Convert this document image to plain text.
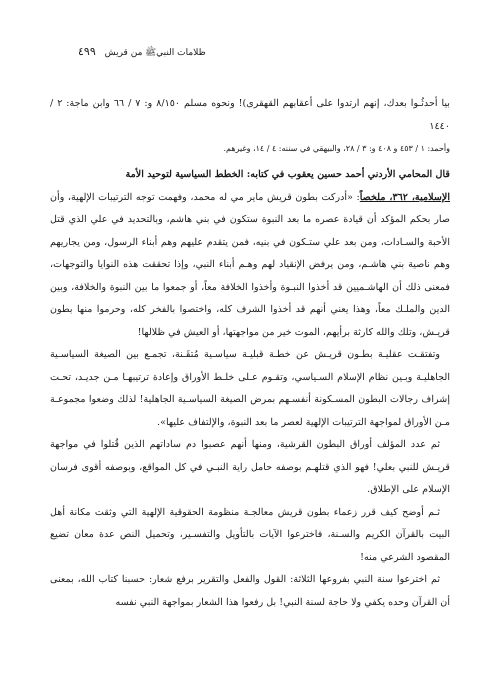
ظلامات النبيﷺ من قريش ٤٩٩

بيا أحدثُـوا بعدك، إنهم ارتدوا على أعقابهم القهقرى)! ونحوه مسلم ٨/١٥٠ و: ٧ / ٦٦ وابن ماجة: ٢ / ١٤٤٠

وأحمد: ١ / ٤٥٣ و ٤٠٨ و: ٣ / ٢٨، والبيهقي في سننه: ٤ / ١٤، وغيرهم.

قال المحامي الأردني أحمد حسين يعقوب في كتابه: الخطط السياسية لتوحيد الأمة
الإسلامية، ٣٦٢، ملخصاً: «أدركت بطون قريش ماير مي له محمد، وفهمت توجه الترتيبات الإلهية، وأن صار بحكم المؤكد أن قيادة عصره ما بعد النبوة ستكون في بني هاشم، وبالتحديد في علي الذي قتل الأحبة والسـادات، ومن بعد علي ستـكون في بنيه، فمن يتقدم عليهم وهم أبناء الرسول، ومن يجاريهم وهم ناصية بني هاشـم، ومن يرفض الإنقياد لهم وهـم أبناء النبي، وإذا تحققت هذه النوايا والتوجهات، فمعنى ذلك أن الهاشـميين قد أخذوا النبـوة وأخذوا الخلافة معاً، أو جمعوا ما بين النبوة والخلافة، وبين الدين والملـك معاً، وهذا يعني أنهم قد أخذوا الشرف كله، واختصوا بالفخر كله، وحرموا منها بطون قريـش، وتلك والله كارثة برأيهم، الموت خير من مواجهتها، أو العيش في ظلالها!

وتفتقـت عقليـة بطـون قريـش عن خطـة قبليـة سياسـية مُتقَـنة، تجمـع بين الصيغة السياسـية الجاهليـة وبـين نظام الإسلام السـياسي، وتقـوم عـلى خلـط الأوراق وإعادة ترتيبهـا مـن جديـد، تحـت إشراف رجالات البطون المسـكونة أنفسـهم بمرض الصيغة السياسـية الجاهلية! لذلك وضعوا مجموعـة مـن الأوراق لمواجهة الترتيبات الإلهية لعصر ما بعد النبوة، والإلتفاف عليها».

ثم عدد المؤلف أوراق البطون القرشية، ومنها أنهم عصبوا دم ساداتهم الذين قُتلوا في مواجهة قريـش للنبي بعلي! فهو الذي قتلهـم بوصفه حامل راية النبـي في كل المواقع، وبوصفه أقوى فرسان الإسلام على الإطلاق.

ثـم أوضح كيف قرر زعماء بطون قريش معالجـة منظومة الحقوقية الإلهية التي وثقت مكانة أهل البيت بالقرآن الكريم والسـنة، فاخترعوا الآيات بالتأويل والتفسـير، وتحميل النص عدة معان تضيع المقصود الشرعي منه!

ثم اخترعوا سنة النبي بفروعها الثلاثة: القول والفعل والتقرير برفع شعار: حسبنا كتاب الله، بمعنى أن القرآن وحده يكفي ولا حاجة لسنة النبي! بل رفعوا هذا الشعار بمواجهة النبي نفسه
